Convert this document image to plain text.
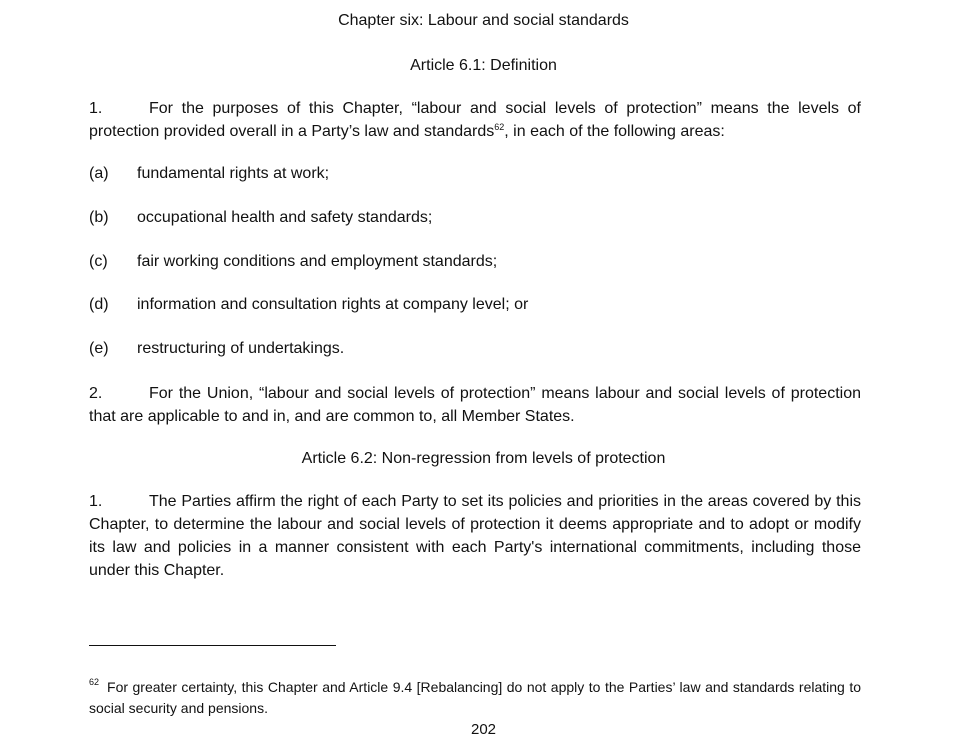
Chapter six: Labour and social standards
Article 6.1: Definition
1.	For the purposes of this Chapter, “labour and social levels of protection” means the levels of protection provided overall in a Party’s law and standards$^{62}$, in each of the following areas:
(a) fundamental rights at work;
(b) occupational health and safety standards;
(c) fair working conditions and employment standards;
(d) information and consultation rights at company level; or
(e) restructuring of undertakings.
2.	For the Union, “labour and social levels of protection” means labour and social levels of protection that are applicable to and in, and are common to, all Member States.
Article 6.2: Non-regression from levels of protection
1.	The Parties affirm the right of each Party to set its policies and priorities in the areas covered by this Chapter, to determine the labour and social levels of protection it deems appropriate and to adopt or modify its law and policies in a manner consistent with each Party's international commitments, including those under this Chapter.
$^{62}$ For greater certainty, this Chapter and Article 9.4 [Rebalancing] do not apply to the Parties’ law and standards relating to social security and pensions.
202
